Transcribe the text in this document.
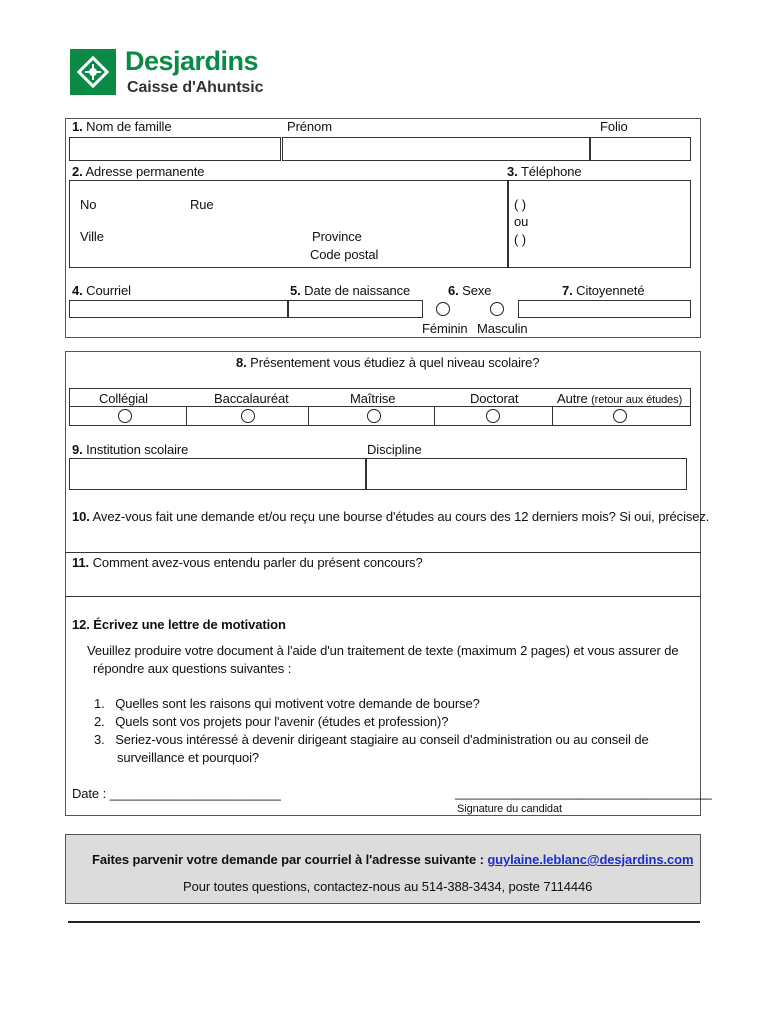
Desjardins
Caisse d'Ahuntsic
1. Nom de famille	Prénom	Folio
2. Adresse permanente	3. Téléphone
No	Rue
Ville	Province
Code postal
( )
ou
( )
4. Courriel	5. Date de naissance	6. Sexe	7. Citoyenneté
Féminin Masculin
8. Présentement vous étudiez à quel niveau scolaire?
Collégial	Baccalauréat	Maîtrise	Doctorat	Autre (retour aux études)
9. Institution scolaire	Discipline
10. Avez-vous fait une demande et/ou reçu une bourse d'études au cours des 12 derniers mois? Si oui, précisez.
11. Comment avez-vous entendu parler du présent concours?
12. Écrivez une lettre de motivation
Veuillez produire votre document à l'aide d'un traitement de texte (maximum 2 pages) et vous assurer de
répondre aux questions suivantes :
1. Quelles sont les raisons qui motivent votre demande de bourse?
2. Quels sont vos projets pour l'avenir (études et profession)?
3. Seriez-vous intéressé à devenir dirigeant stagiaire au conseil d'administration ou au conseil de
surveillance et pourquoi?
Date : ________________________	____________________________________
Signature du candidat
Faites parvenir votre demande par courriel à l'adresse suivante : guylaine.leblanc@desjardins.com
Pour toutes questions, contactez-nous au 514-388-3434, poste 7114446
